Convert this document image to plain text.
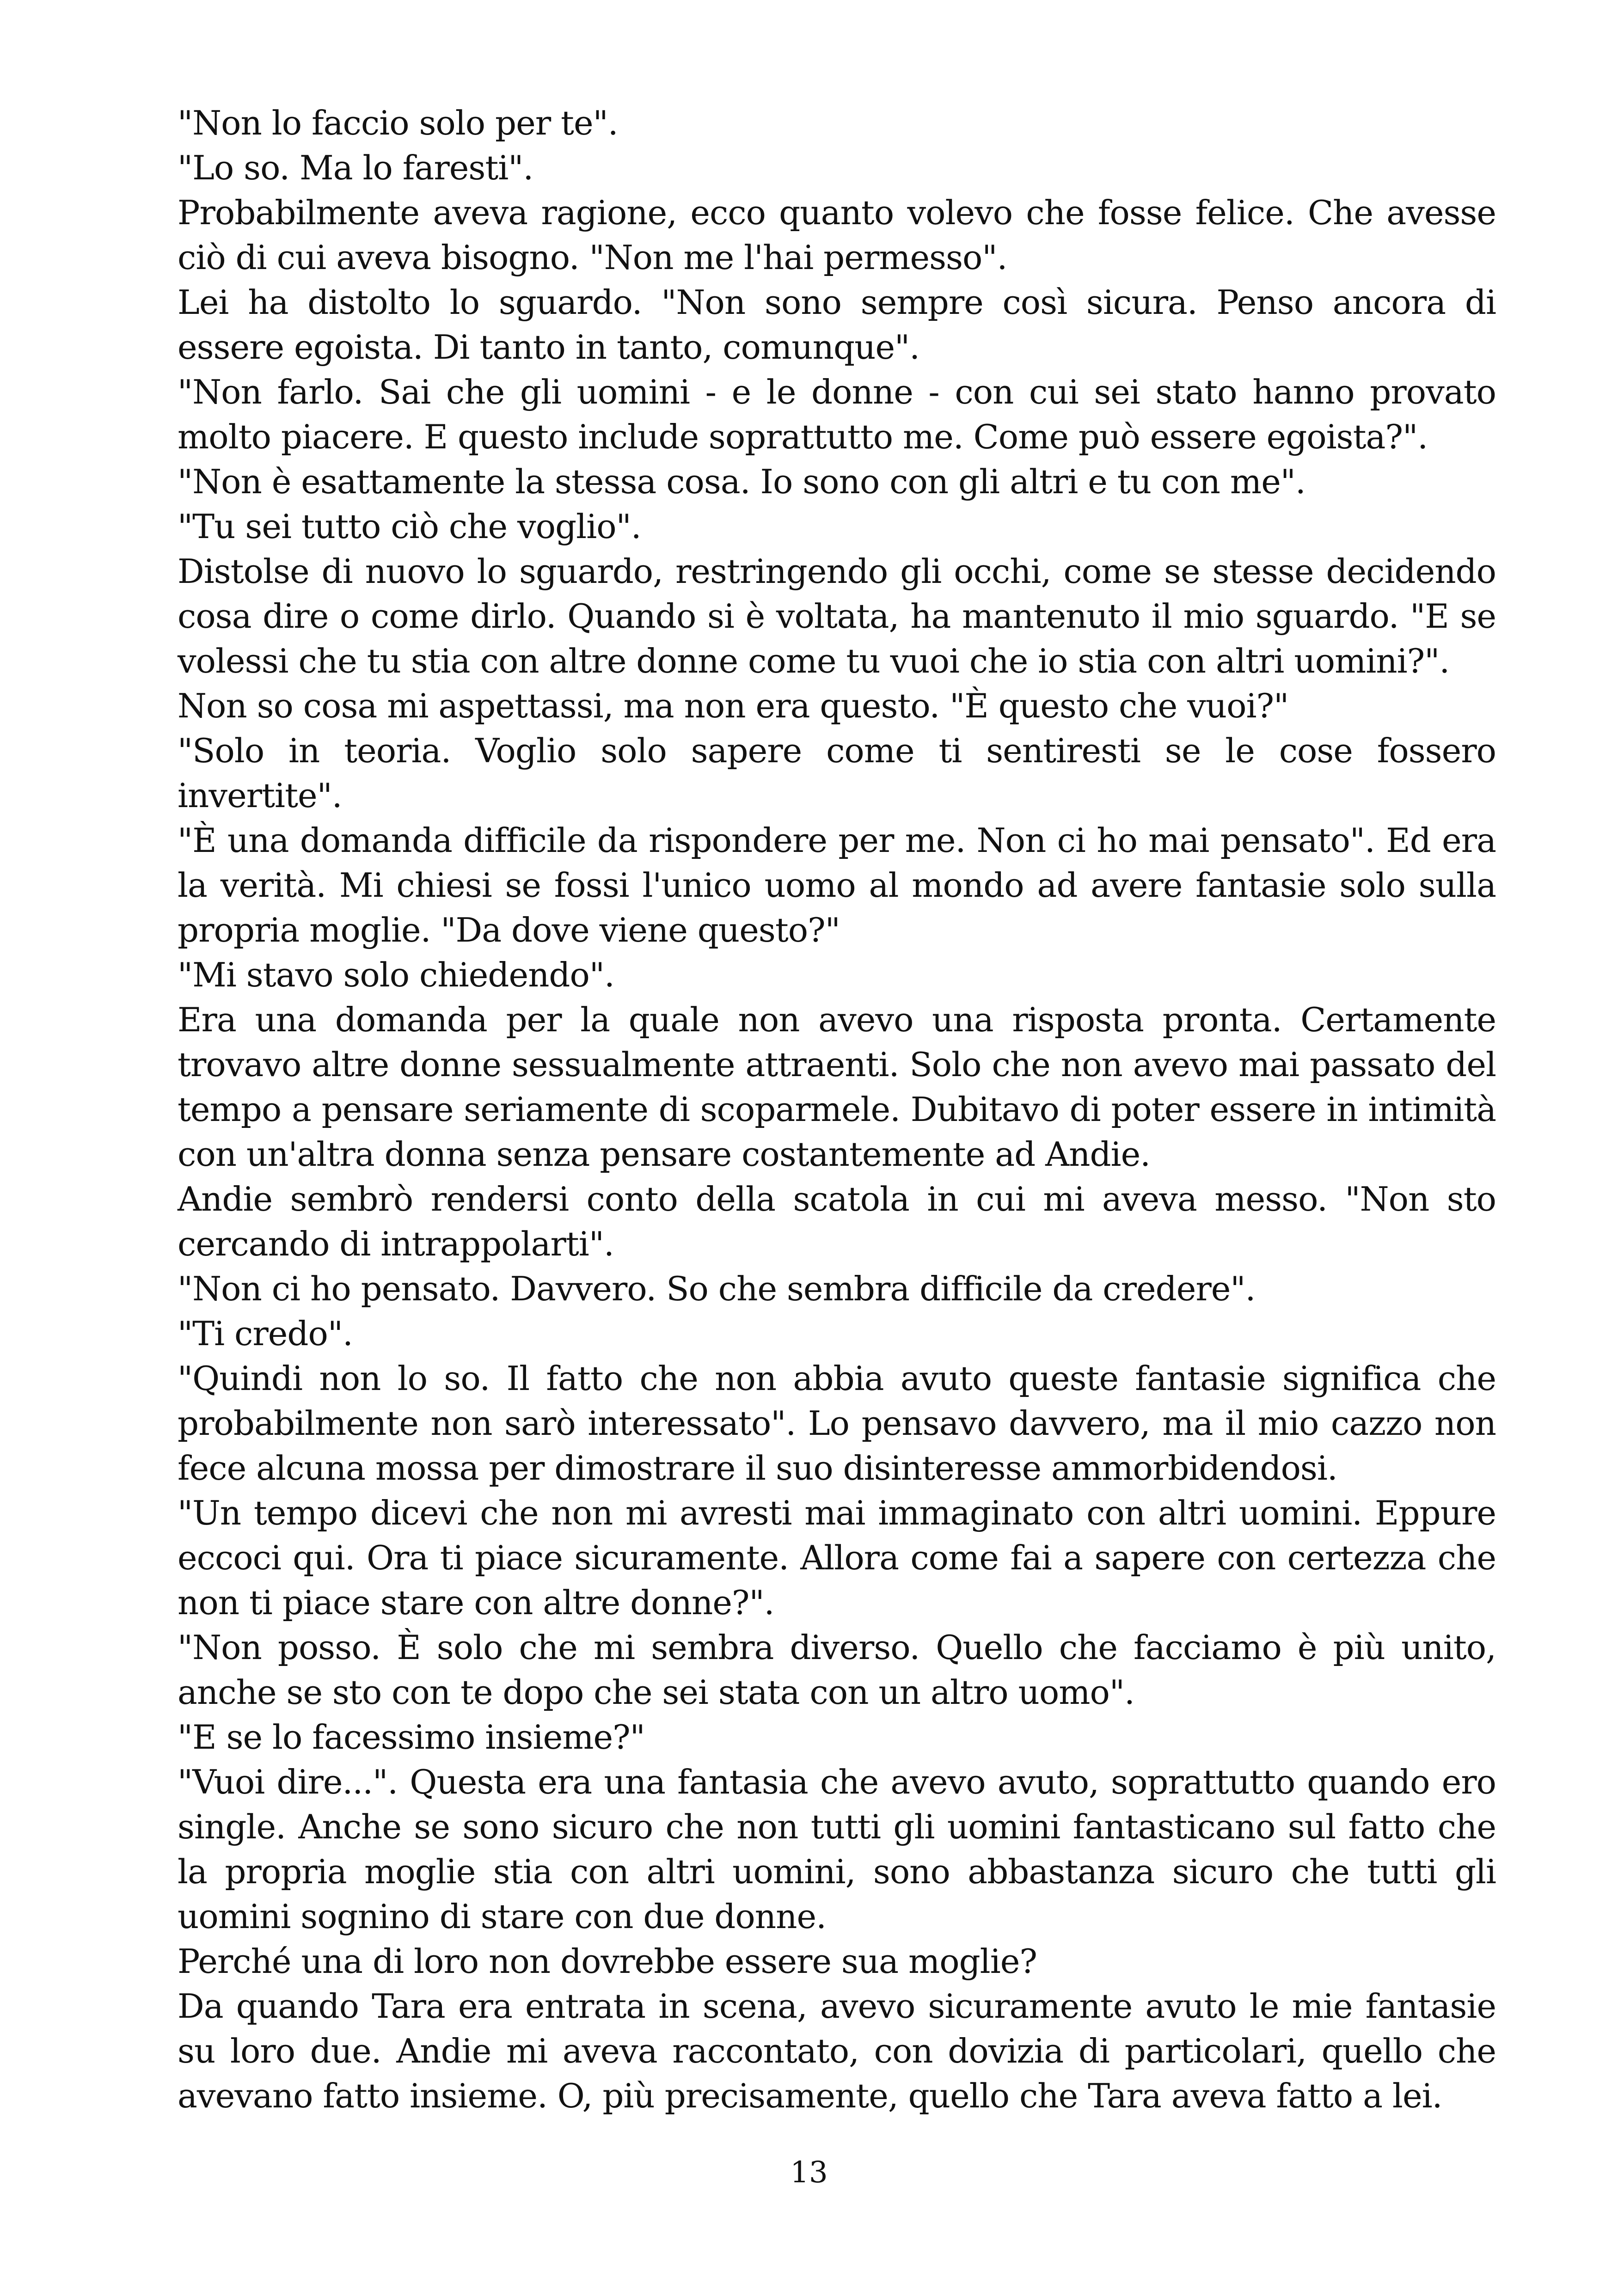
"Non lo faccio solo per te".

"Lo so. Ma lo faresti".

Probabilmente aveva ragione, ecco quanto volevo che fosse felice. Che avesse ciò di cui aveva bisogno. "Non me l'hai permesso".

Lei ha distolto lo sguardo. "Non sono sempre così sicura. Penso ancora di essere egoista. Di tanto in tanto, comunque".

"Non farlo. Sai che gli uomini - e le donne - con cui sei stato hanno provato molto piacere. E questo include soprattutto me. Come può essere egoista?".

"Non è esattamente la stessa cosa. Io sono con gli altri e tu con me".

"Tu sei tutto ciò che voglio".

Distolse di nuovo lo sguardo, restringendo gli occhi, come se stesse decidendo cosa dire o come dirlo. Quando si è voltata, ha mantenuto il mio sguardo. "E se volessi che tu stia con altre donne come tu vuoi che io stia con altri uomini?".

Non so cosa mi aspettassi, ma non era questo. "È questo che vuoi?"

"Solo in teoria. Voglio solo sapere come ti sentiresti se le cose fossero invertite".

"È una domanda difficile da rispondere per me. Non ci ho mai pensato". Ed era la verità. Mi chiesi se fossi l'unico uomo al mondo ad avere fantasie solo sulla propria moglie. "Da dove viene questo?"

"Mi stavo solo chiedendo".

Era una domanda per la quale non avevo una risposta pronta. Certamente trovavo altre donne sessualmente attraenti. Solo che non avevo mai passato del tempo a pensare seriamente di scoparmele. Dubitavo di poter essere in intimità con un'altra donna senza pensare costantemente ad Andie.

Andie sembrò rendersi conto della scatola in cui mi aveva messo. "Non sto cercando di intrappolarti".

"Non ci ho pensato. Davvero. So che sembra difficile da credere".

"Ti credo".

"Quindi non lo so. Il fatto che non abbia avuto queste fantasie significa che probabilmente non sarò interessato". Lo pensavo davvero, ma il mio cazzo non fece alcuna mossa per dimostrare il suo disinteresse ammorbidendosi.

"Un tempo dicevi che non mi avresti mai immaginato con altri uomini. Eppure eccoci qui. Ora ti piace sicuramente. Allora come fai a sapere con certezza che non ti piace stare con altre donne?".

"Non posso. È solo che mi sembra diverso. Quello che facciamo è più unito, anche se sto con te dopo che sei stata con un altro uomo".

"E se lo facessimo insieme?"

"Vuoi dire...". Questa era una fantasia che avevo avuto, soprattutto quando ero single. Anche se sono sicuro che non tutti gli uomini fantasticano sul fatto che la propria moglie stia con altri uomini, sono abbastanza sicuro che tutti gli uomini sognino di stare con due donne.

Perché una di loro non dovrebbe essere sua moglie?

Da quando Tara era entrata in scena, avevo sicuramente avuto le mie fantasie su loro due. Andie mi aveva raccontato, con dovizia di particolari, quello che avevano fatto insieme. O, più precisamente, quello che Tara aveva fatto a lei.

13
